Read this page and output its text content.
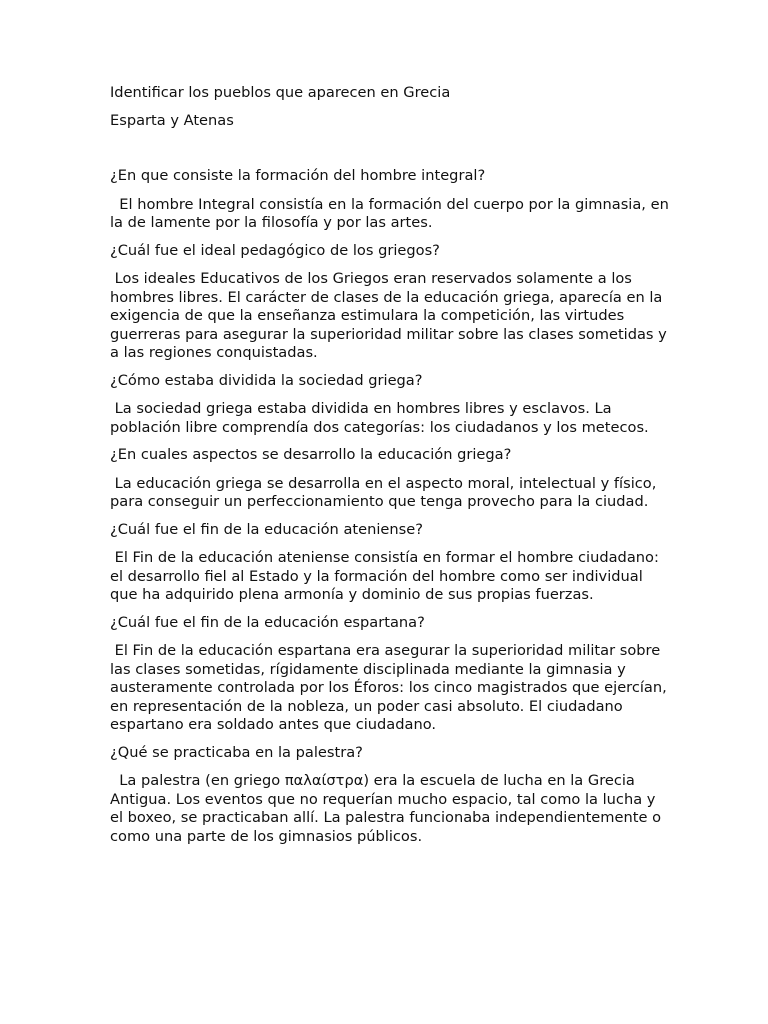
Identificar los pueblos que aparecen en Grecia

Esparta y Atenas

¿En que consiste la formación del hombre integral?

El hombre Integral consistía en la formación del cuerpo por la gimnasia, en la de lamente por la filosofía y por las artes.

¿Cuál fue el ideal pedagógico de los griegos?

Los ideales Educativos de los Griegos eran reservados solamente a los hombres libres. El carácter de clases de la educación griega, aparecía en la exigencia de que la enseñanza estimulara la competición, las virtudes guerreras para asegurar la superioridad militar sobre las clases sometidas y a las regiones conquistadas.

¿Cómo estaba dividida la sociedad griega?

La sociedad griega estaba dividida en hombres libres y esclavos. La población libre comprendía dos categorías: los ciudadanos y los metecos.

¿En cuales aspectos se desarrollo la educación griega?

La educación griega se desarrolla en el aspecto moral, intelectual y físico, para conseguir un perfeccionamiento que tenga provecho para la ciudad.

¿Cuál fue el fin de la educación ateniense?

El Fin de la educación ateniense consistía en formar el hombre ciudadano: el desarrollo fiel al Estado y la formación del hombre como ser individual que ha adquirido plena armonía y dominio de sus propias fuerzas.

¿Cuál fue el fin de la educación espartana?

El Fin de la educación espartana era asegurar la superioridad militar sobre las clases sometidas, rígidamente disciplinada mediante la gimnasia y austeramente controlada por los Éforos: los cinco magistrados que ejercían, en representación de la nobleza, un poder casi absoluto. El ciudadano espartano era soldado antes que ciudadano.

¿Qué se practicaba en la palestra?

La palestra (en griego παλαίστρα) era la escuela de lucha en la Grecia Antigua. Los eventos que no requerían mucho espacio, tal como la lucha y el boxeo, se practicaban allí. La palestra funcionaba independientemente o como una parte de los gimnasios públicos.
